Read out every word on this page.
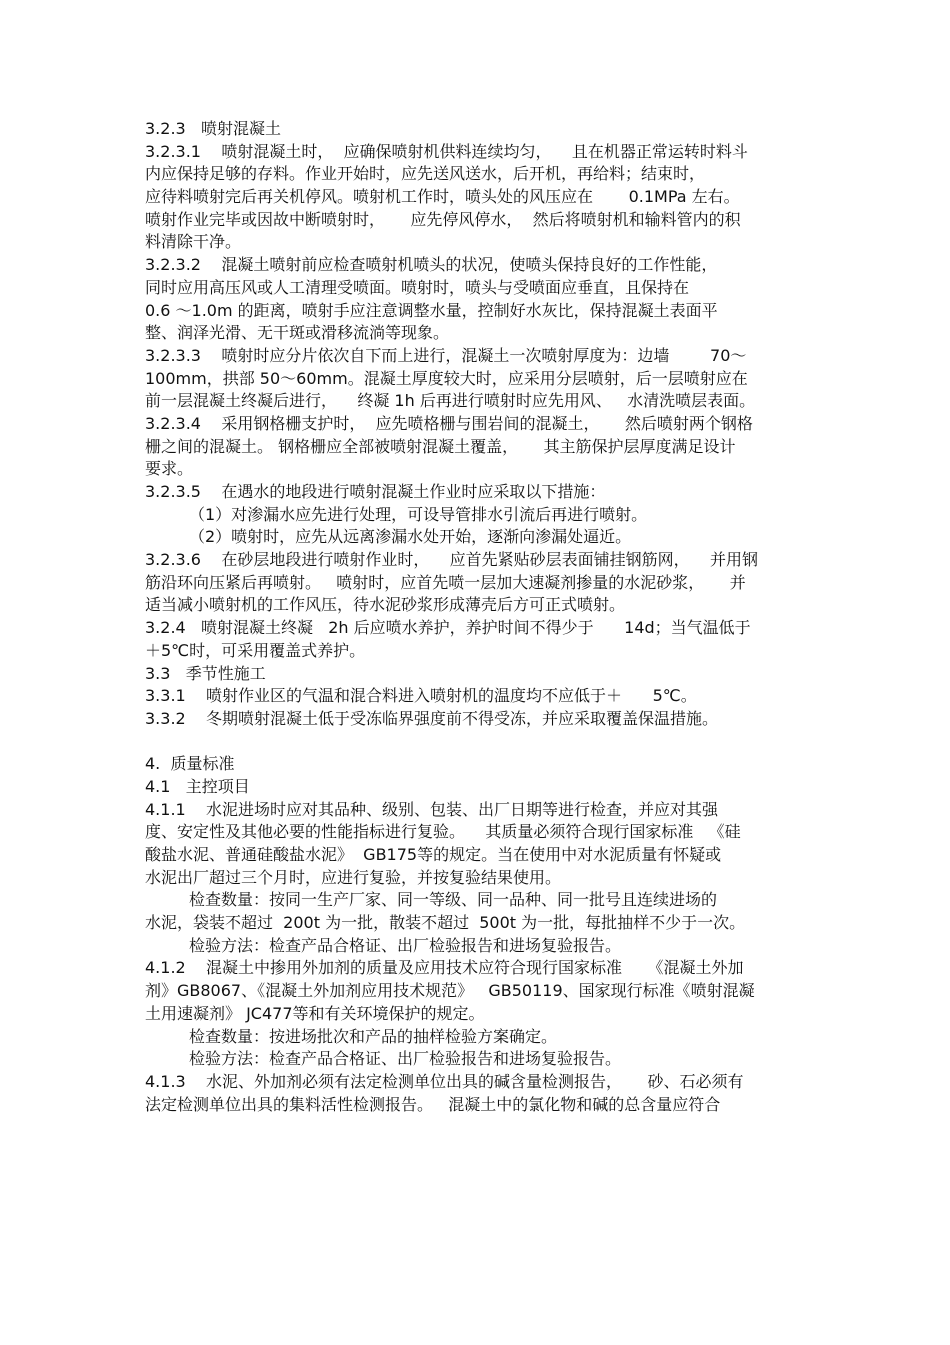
3.2.3   喷射混凝土
3.2.3.1    喷射混凝土时，  应确保喷射机供料连续均匀，    且在机器正常运转时料斗
内应保持足够的存料。作业开始时，应先送风送水，后开机，再给料；结束时，
应待料喷射完后再关机停风。喷射机工作时，喷头处的风压应在       0.1MPa 左右。
喷射作业完毕或因故中断喷射时，     应先停风停水，  然后将喷射机和输料管内的积
料清除干净。
3.2.3.2    混凝土喷射前应检查喷射机喷头的状况，使喷头保持良好的工作性能，
同时应用高压风或人工清理受喷面。喷射时，喷头与受喷面应垂直，且保持在
0.6 ～1.0m 的距离，喷射手应注意调整水量，控制好水灰比，保持混凝土表面平
整、润泽光滑、无干斑或滑移流淌等现象。
3.2.3.3    喷射时应分片依次自下而上进行，混凝土一次喷射厚度为：边墙        70～
100mm，拱部 50～60mm。混凝土厚度较大时，应采用分层喷射，后一层喷射应在
前一层混凝土终凝后进行，    终凝 1h 后再进行喷射时应先用风、   水清洗喷层表面。
3.2.3.4    采用钢格栅支护时，  应先喷格栅与围岩间的混凝土，     然后喷射两个钢格
栅之间的混凝土。 钢格栅应全部被喷射混凝土覆盖，     其主筋保护层厚度满足设计
要求。
3.2.3.5    在遇水的地段进行喷射混凝土作业时应采取以下措施：
（1）对渗漏水应先进行处理，可设导管排水引流后再进行喷射。
（2）喷射时，应先从远离渗漏水处开始，逐渐向渗漏处逼近。
3.2.3.6    在砂层地段进行喷射作业时，    应首先紧贴砂层表面铺挂钢筋网，    并用钢
筋沿环向压紧后再喷射。   喷射时，应首先喷一层加大速凝剂掺量的水泥砂浆，     并
适当减小喷射机的工作风压，待水泥砂浆形成薄壳后方可正式喷射。
3.2.4   喷射混凝土终凝   2h 后应喷水养护，养护时间不得少于      14d；当气温低于
＋5℃时，可采用覆盖式养护。
3.3   季节性施工
3.3.1    喷射作业区的气温和混合料进入喷射机的温度均不应低于＋      5℃。
3.3.2    冬期喷射混凝土低于受冻临界强度前不得受冻，并应采取覆盖保温措施。
4.  质量标准
4.1   主控项目
4.1.1    水泥进场时应对其品种、级别、包装、出厂日期等进行检查，并应对其强
度、安定性及其他必要的性能指标进行复验。    其质量必须符合现行国家标准   《硅
酸盐水泥、普通硅酸盐水泥》  GB175等的规定。当在使用中对水泥质量有怀疑或
水泥出厂超过三个月时，应进行复验，并按复验结果使用。
检查数量：按同一生产厂家、同一等级、同一品种、同一批号且连续进场的
水泥，袋装不超过  200t 为一批，散装不超过  500t 为一批，每批抽样不少于一次。
检验方法：检查产品合格证、出厂检验报告和进场复验报告。
4.1.2    混凝土中掺用外加剂的质量及应用技术应符合现行国家标准     《混凝土外加
剂》GB8067、《混凝土外加剂应用技术规范》   GB50119、国家现行标准《喷射混凝
土用速凝剂》 JC477等和有关环境保护的规定。
检查数量：按进场批次和产品的抽样检验方案确定。
检验方法：检查产品合格证、出厂检验报告和进场复验报告。
4.1.3    水泥、外加剂必须有法定检测单位出具的碱含量检测报告，     砂、石必须有
法定检测单位出具的集料活性检测报告。   混凝土中的氯化物和碱的总含量应符合
